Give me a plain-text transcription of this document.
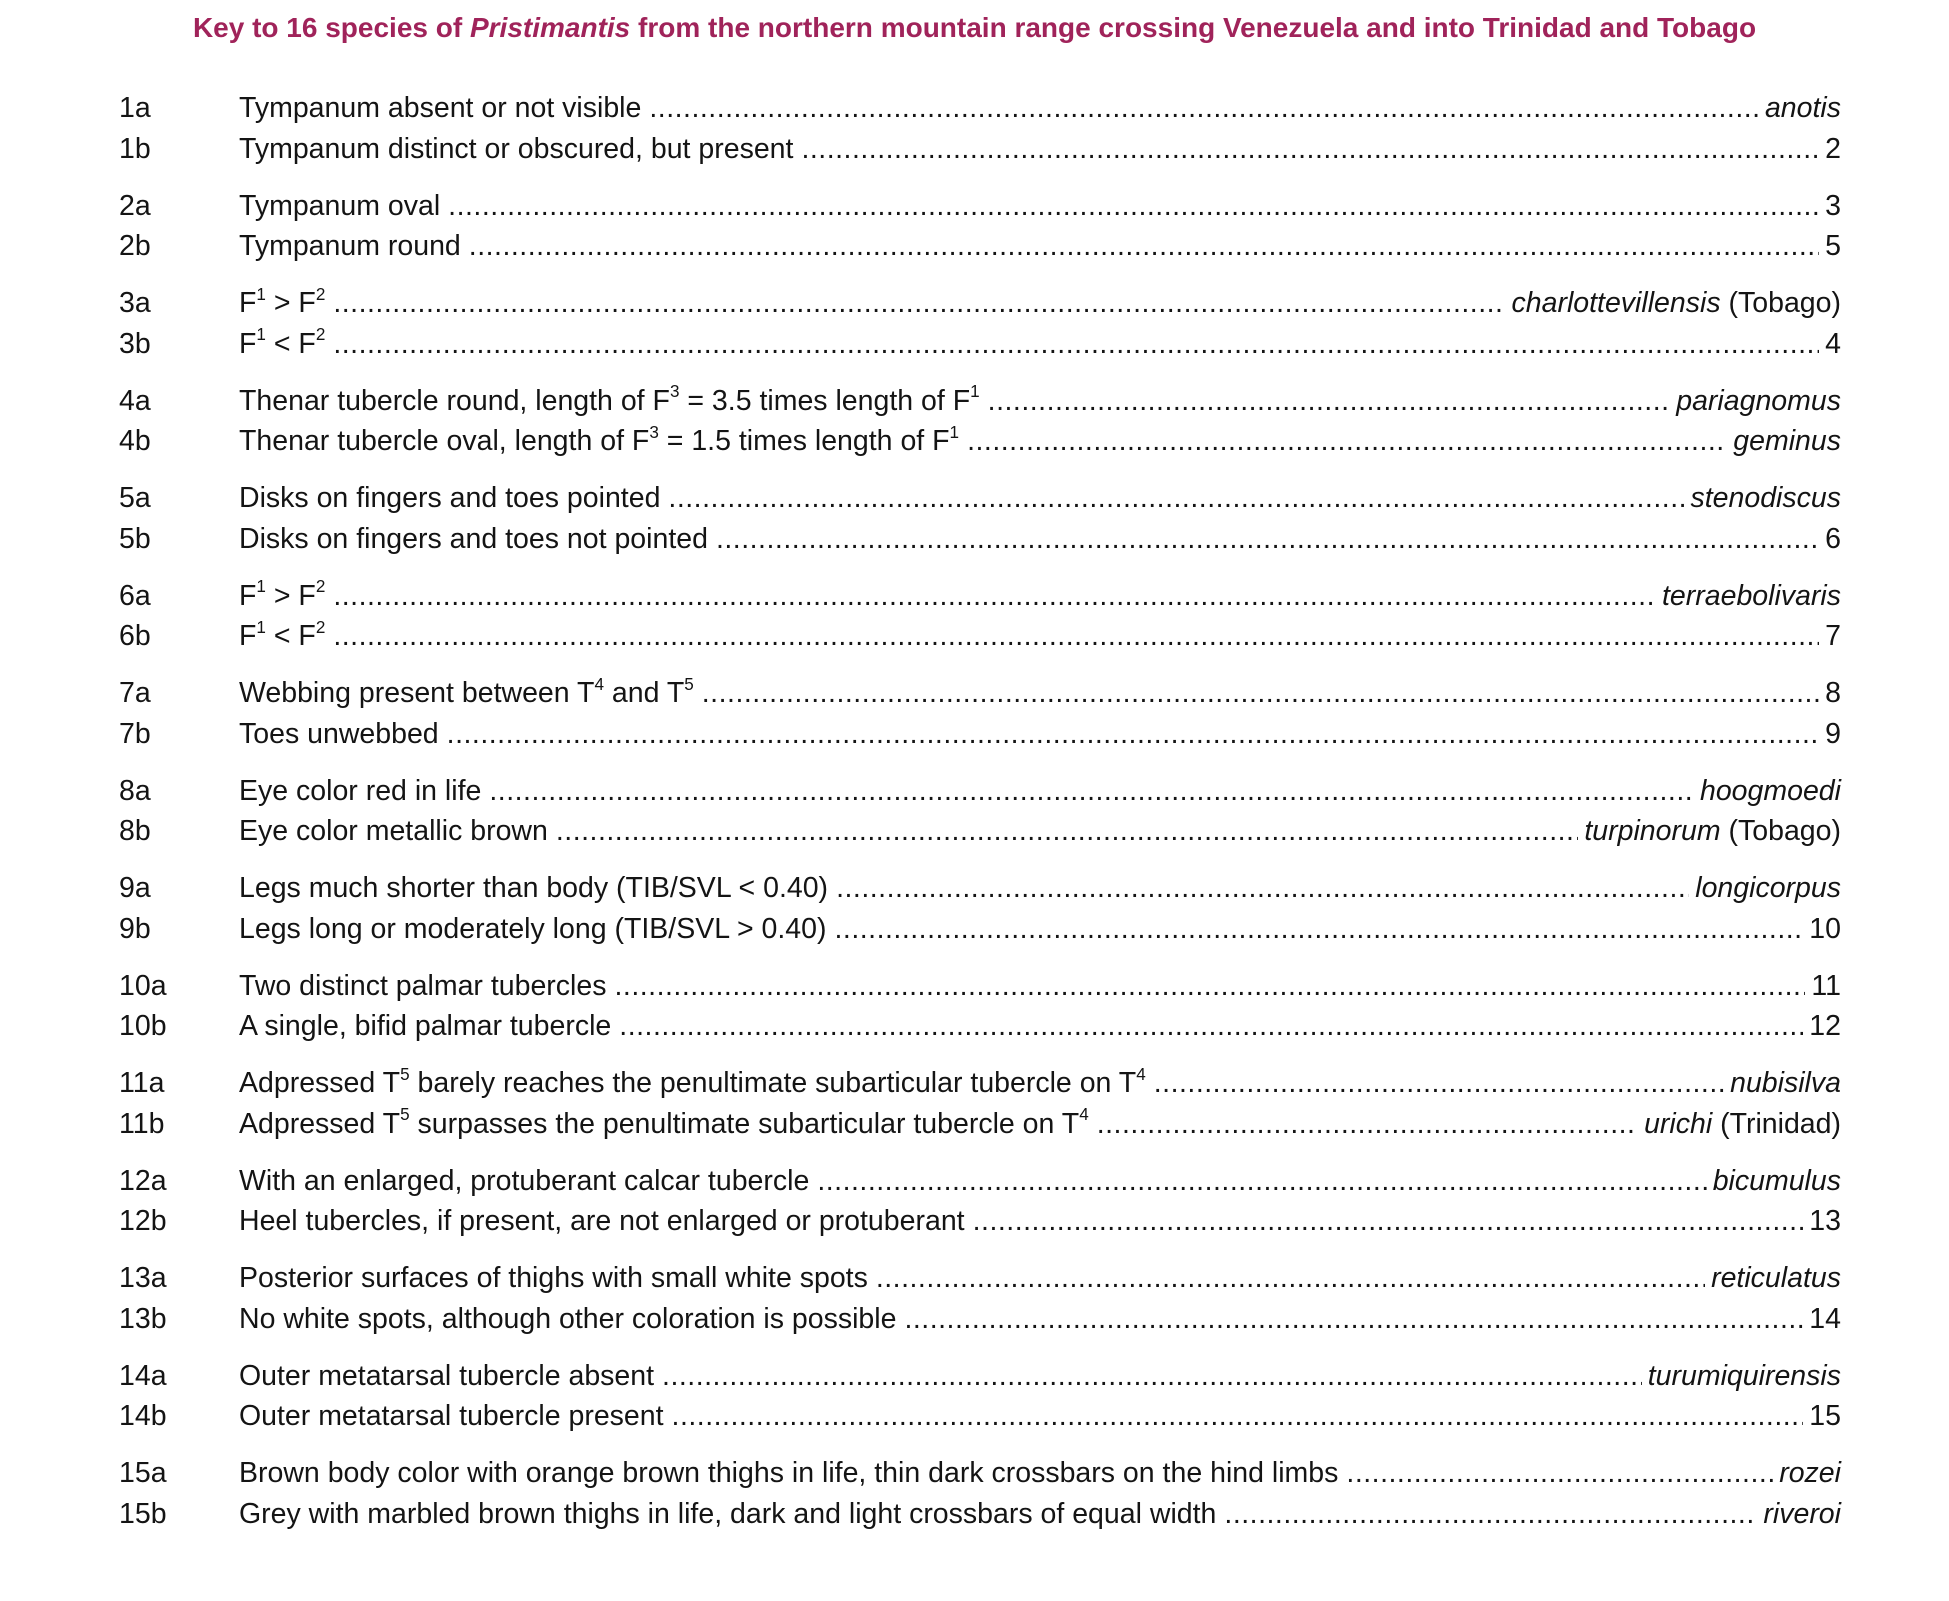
Key to 16 species of Pristimantis from the northern mountain range crossing Venezuela and into Trinidad and Tobago
1a	Tympanum absent or not visible .....	anotis
1b	Tympanum distinct or obscured, but present .....	2
2a	Tympanum oval .....	3
2b	Tympanum round .....	5
3a	$F^1 > F^2$ .....	charlottevillensis (Tobago)
3b	$F^1 < F^2$ .....	4
4a	Thenar tubercle round, length of $F^3 = 3.5$ times length of $F^1$ .....	pariagnomus
4b	Thenar tubercle oval, length of $F^3 = 1.5$ times length of $F^1$ .....	geminus
5a	Disks on fingers and toes pointed .....	stenodiscus
5b	Disks on fingers and toes not pointed .....	6
6a	$F^1 > F^2$ .....	terraebolivaris
6b	$F^1 < F^2$ .....	7
7a	Webbing present between $T^4$ and $T^5$ .....	8
7b	Toes unwebbed .....	9
8a	Eye color red in life .....	hoogmoedi
8b	Eye color metallic brown .....	turpinorum (Tobago)
9a	Legs much shorter than body (TIB/SVL < 0.40) .....	longicorpus
9b	Legs long or moderately long (TIB/SVL > 0.40) .....	10
10a	Two distinct palmar tubercles .....	11
10b	A single, bifid palmar tubercle .....	12
11a	Adpressed $T^5$ barely reaches the penultimate subarticular tubercle on $T^4$ .....	nubisilva
11b	Adpressed $T^5$ surpasses the penultimate subarticular tubercle on $T^4$ .....	urichi (Trinidad)
12a	With an enlarged, protuberant calcar tubercle .....	bicumulus
12b	Heel tubercles, if present, are not enlarged or protuberant .....	13
13a	Posterior surfaces of thighs with small white spots .....	reticulatus
13b	No white spots, although other coloration is possible .....	14
14a	Outer metatarsal tubercle absent .....	turumiquirensis
14b	Outer metatarsal tubercle present .....	15
15a	Brown body color with orange brown thighs in life, thin dark crossbars on the hind limbs .....	rozei
15b	Grey with marbled brown thighs in life, dark and light crossbars of equal width .....	riveroi
